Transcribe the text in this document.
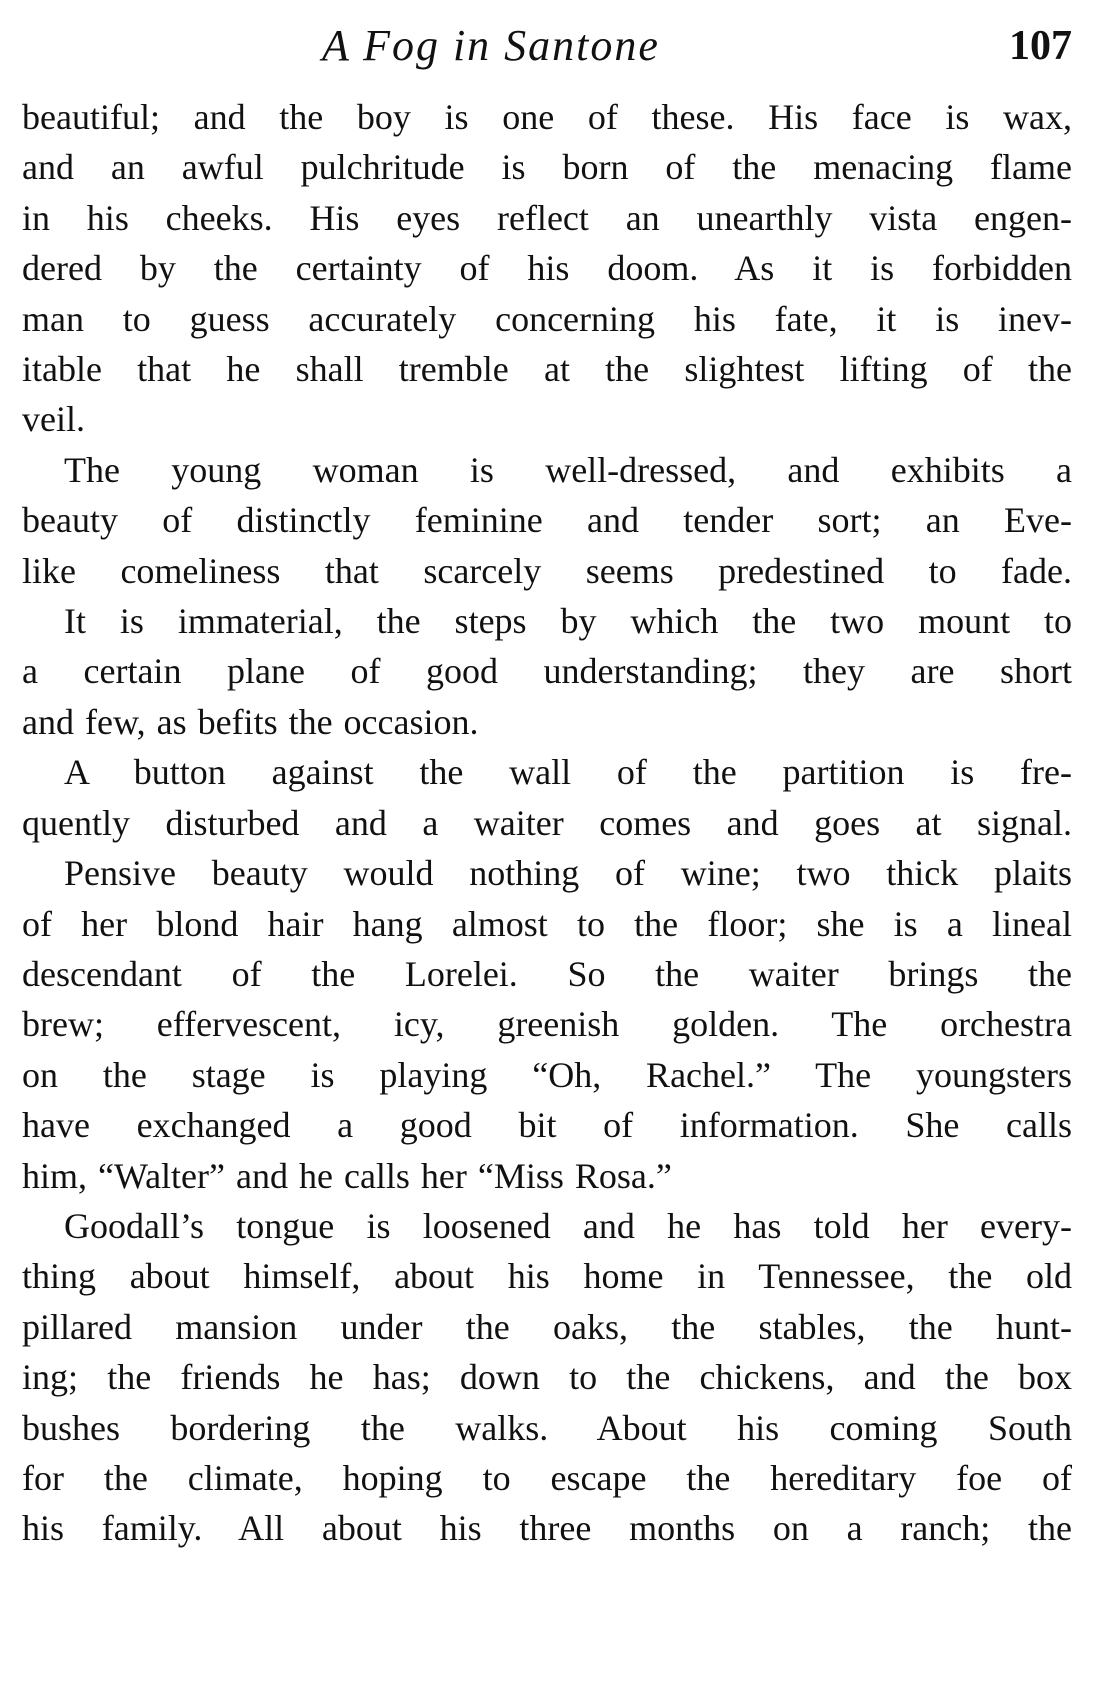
A Fog in Santone	107

beautiful; and the boy is one of these. His face is wax,
and an awful pulchritude is born of the menacing flame
in his cheeks. His eyes reflect an unearthly vista engen-
dered by the certainty of his doom. As it is forbidden
man to guess accurately concerning his fate, it is inev-
itable that he shall tremble at the slightest lifting of the
veil.

The young woman is well-dressed, and exhibits a
beauty of distinctly feminine and tender sort; an Eve-
like comeliness that scarcely seems predestined to fade.

It is immaterial, the steps by which the two mount to
a certain plane of good understanding; they are short
and few, as befits the occasion.

A button against the wall of the partition is fre-
quently disturbed and a waiter comes and goes at signal.

Pensive beauty would nothing of wine; two thick plaits
of her blond hair hang almost to the floor; she is a lineal
descendant of the Lorelei. So the waiter brings the
brew; effervescent, icy, greenish golden. The orchestra
on the stage is playing “Oh, Rachel.” The youngsters
have exchanged a good bit of information. She calls
him, “Walter” and he calls her “Miss Rosa.”

Goodall’s tongue is loosened and he has told her every-
thing about himself, about his home in Tennessee, the old
pillared mansion under the oaks, the stables, the hunt-
ing; the friends he has; down to the chickens, and the box
bushes bordering the walks. About his coming South
for the climate, hoping to escape the hereditary foe of
his family. All about his three months on a ranch; the
